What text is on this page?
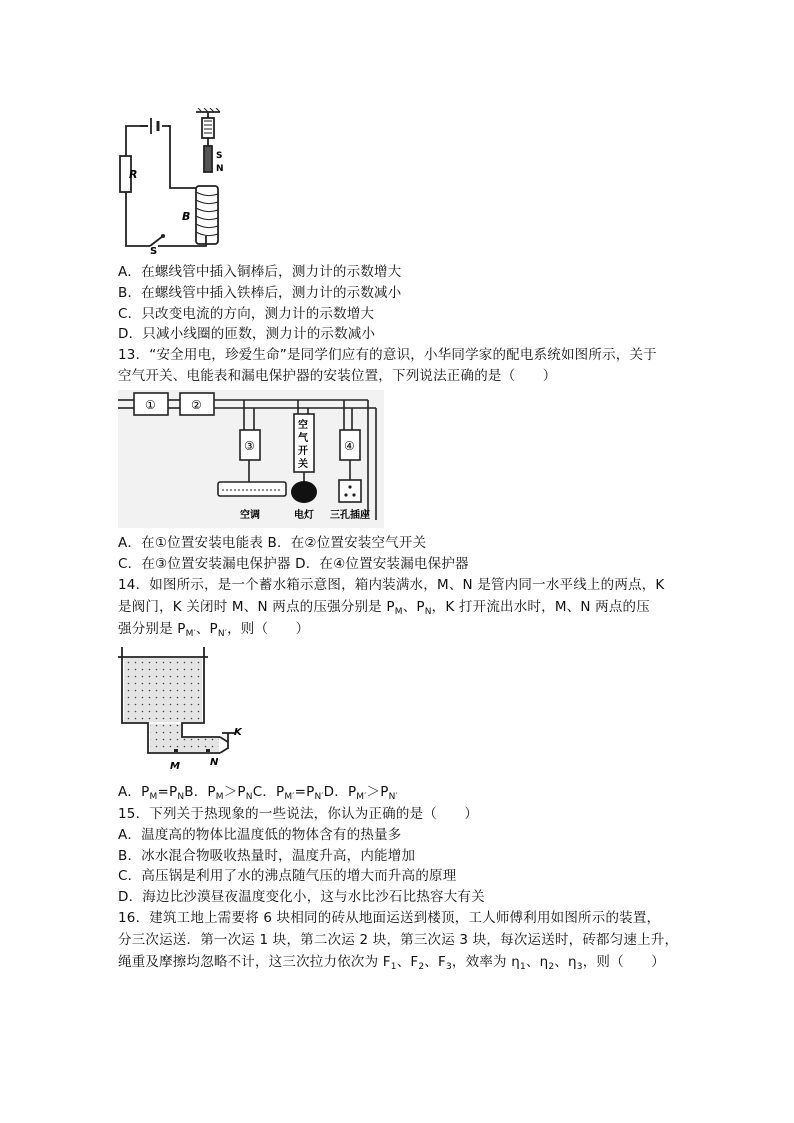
R
B
S
S
N
A．在螺线管中插入铜棒后，测力计的示数增大
B．在螺线管中插入铁棒后，测力计的示数减小
C．只改变电流的方向，测力计的示数增大
D．只减小线圈的匝数，测力计的示数减小
13．“安全用电，珍爱生命”是同学们应有的意识，小华同学家的配电系统如图所示，关于
空气开关、电能表和漏电保护器的安装位置，下列说法正确的是（　　）
①	②
③	④
空
气
开
关
空调	电灯 三孔插座
A．在①位置安装电能表 B．在②位置安装空气开关
C．在③位置安装漏电保护器 D．在④位置安装漏电保护器
14．如图所示，是一个蓄水箱示意图，箱内装满水，M、N 是管内同一水平线上的两点，K
是阀门，K 关闭时 M、N 两点的压强分别是 $P_M$、$P_N$，K 打开流出水时，M、N 两点的压
强分别是 $P_{M'}$、$P_{N'}$，则（　　）
M	N
K
A．$P_M=P_NB$．$P_M>P_NC$．$P_{M'}=P_{N'}D$．$P_{M'}>P_{N'}$
15．下列关于热现象的一些说法，你认为正确的是（　　）
A．温度高的物体比温度低的物体含有的热量多
B．冰水混合物吸收热量时，温度升高，内能增加
C．高压锅是利用了水的沸点随气压的增大而升高的原理
D．海边比沙漠昼夜温度变化小，这与水比沙石比热容大有关
16．建筑工地上需要将 6 块相同的砖从地面运送到楼顶，工人师傅利用如图所示的装置，
分三次运送．第一次运 1 块，第二次运 2 块，第三次运 3 块，每次运送时，砖都匀速上升，
绳重及摩擦均忽略不计，这三次拉力依次为 $F_1$、$F_2$、$F_3$，效率为 $\eta_1$、$\eta_2$、$\eta_3$，则（　　）
